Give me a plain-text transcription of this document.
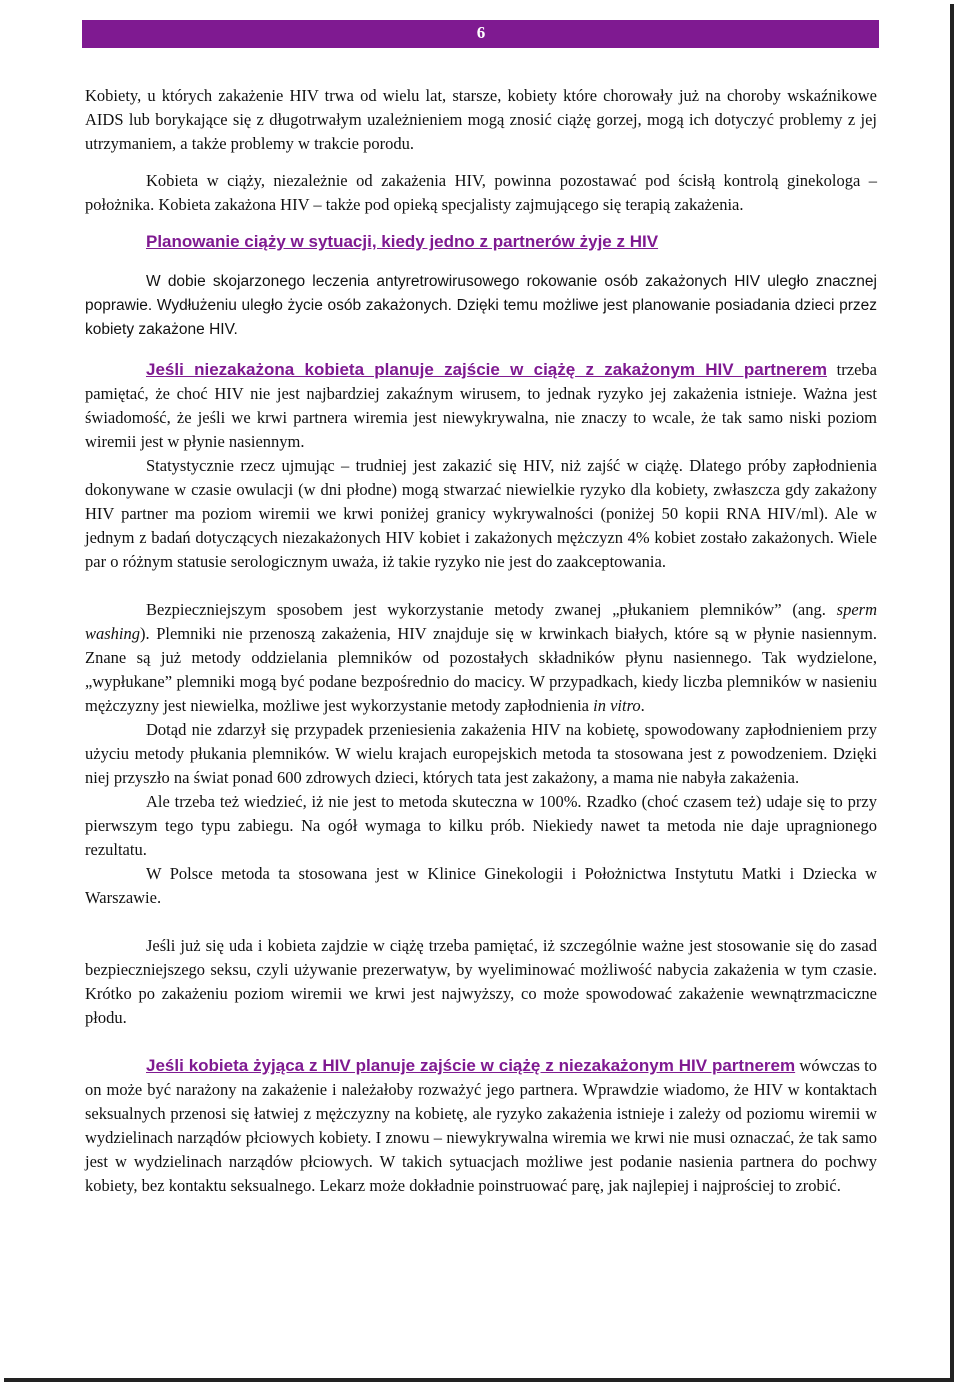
6

Kobiety, u których zakażenie HIV trwa od wielu lat, starsze, kobiety które chorowały już na choroby wskaźnikowe AIDS lub borykające się z długotrwałym uzależnieniem mogą znosić ciążę gorzej, mogą ich dotyczyć problemy z jej utrzymaniem, a także problemy w trakcie porodu.

Kobieta w ciąży, niezależnie od zakażenia HIV, powinna pozostawać pod ścisłą kontrolą ginekologa – położnika. Kobieta zakażona HIV – także pod opieką specjalisty zajmującego się terapią zakażenia.

Planowanie ciąży w sytuacji, kiedy jedno z partnerów żyje z HIV

W dobie skojarzonego leczenia antyretrowirusowego rokowanie osób zakażonych HIV uległo znacznej poprawie. Wydłużeniu uległo życie osób zakażonych. Dzięki temu możliwe jest planowanie posiadania dzieci przez kobiety zakażone HIV.

Jeśli niezakażona kobieta planuje zajście w ciążę z zakażonym HIV partnerem trzeba pamiętać, że choć HIV nie jest najbardziej zakaźnym wirusem, to jednak ryzyko jej zakażenia istnieje. Ważna jest świadomość, że jeśli we krwi partnera wiremia jest niewykrywalna, nie znaczy to wcale, że tak samo niski poziom wiremii jest w płynie nasiennym.

Statystycznie rzecz ujmując – trudniej jest zakazić się HIV, niż zajść w ciążę. Dlatego próby zapłodnienia dokonywane w czasie owulacji (w dni płodne) mogą stwarzać niewielkie ryzyko dla kobiety, zwłaszcza gdy zakażony HIV partner ma poziom wiremii we krwi poniżej granicy wykrywalności (poniżej 50 kopii RNA HIV/ml). Ale w jednym z badań dotyczących niezakażonych HIV kobiet i zakażonych mężczyzn 4% kobiet zostało zakażonych. Wiele par o różnym statusie serologicznym uważa, iż takie ryzyko nie jest do zaakceptowania.

Bezpieczniejszym sposobem jest wykorzystanie metody zwanej „płukaniem plemników” (ang. sperm washing). Plemniki nie przenoszą zakażenia, HIV znajduje się w krwinkach białych, które są w płynie nasiennym. Znane są już metody oddzielania plemników od pozostałych składników płynu nasiennego. Tak wydzielone, „wypłukane” plemniki mogą być podane bezpośrednio do macicy. W przypadkach, kiedy liczba plemników w nasieniu mężczyzny jest niewielka, możliwe jest wykorzystanie metody zapłodnienia in vitro.

Dotąd nie zdarzył się przypadek przeniesienia zakażenia HIV na kobietę, spowodowany zapłodnieniem przy użyciu metody płukania plemników. W wielu krajach europejskich metoda ta stosowana jest z powodzeniem. Dzięki niej przyszło na świat ponad 600 zdrowych dzieci, których tata jest zakażony, a mama nie nabyła zakażenia.

Ale trzeba też wiedzieć, iż nie jest to metoda skuteczna w 100%. Rzadko (choć czasem też) udaje się to przy pierwszym tego typu zabiegu. Na ogół wymaga to kilku prób. Niekiedy nawet ta metoda nie daje upragnionego rezultatu.

W Polsce metoda ta stosowana jest w Klinice Ginekologii i Położnictwa Instytutu Matki i Dziecka w Warszawie.

Jeśli już się uda i kobieta zajdzie w ciążę trzeba pamiętać, iż szczególnie ważne jest stosowanie się do zasad bezpieczniejszego seksu, czyli używanie prezerwatyw, by wyeliminować możliwość nabycia zakażenia w tym czasie. Krótko po zakażeniu poziom wiremii we krwi jest najwyższy, co może spowodować zakażenie wewnątrzmaciczne płodu.

Jeśli kobieta żyjąca z HIV planuje zajście w ciążę z niezakażonym HIV partnerem wówczas to on może być narażony na zakażenie i należałoby rozważyć jego partnera. Wprawdzie wiadomo, że HIV w kontaktach seksualnych przenosi się łatwiej z mężczyzny na kobietę, ale ryzyko zakażenia istnieje i zależy od poziomu wiremii w wydzielinach narządów płciowych kobiety. I znowu – niewykrywalna wiremia we krwi nie musi oznaczać, że tak samo jest w wydzielinach narządów płciowych. W takich sytuacjach możliwe jest podanie nasienia partnera do pochwy kobiety, bez kontaktu seksualnego. Lekarz może dokładnie poinstruować parę, jak najlepiej i najprościej to zrobić.
